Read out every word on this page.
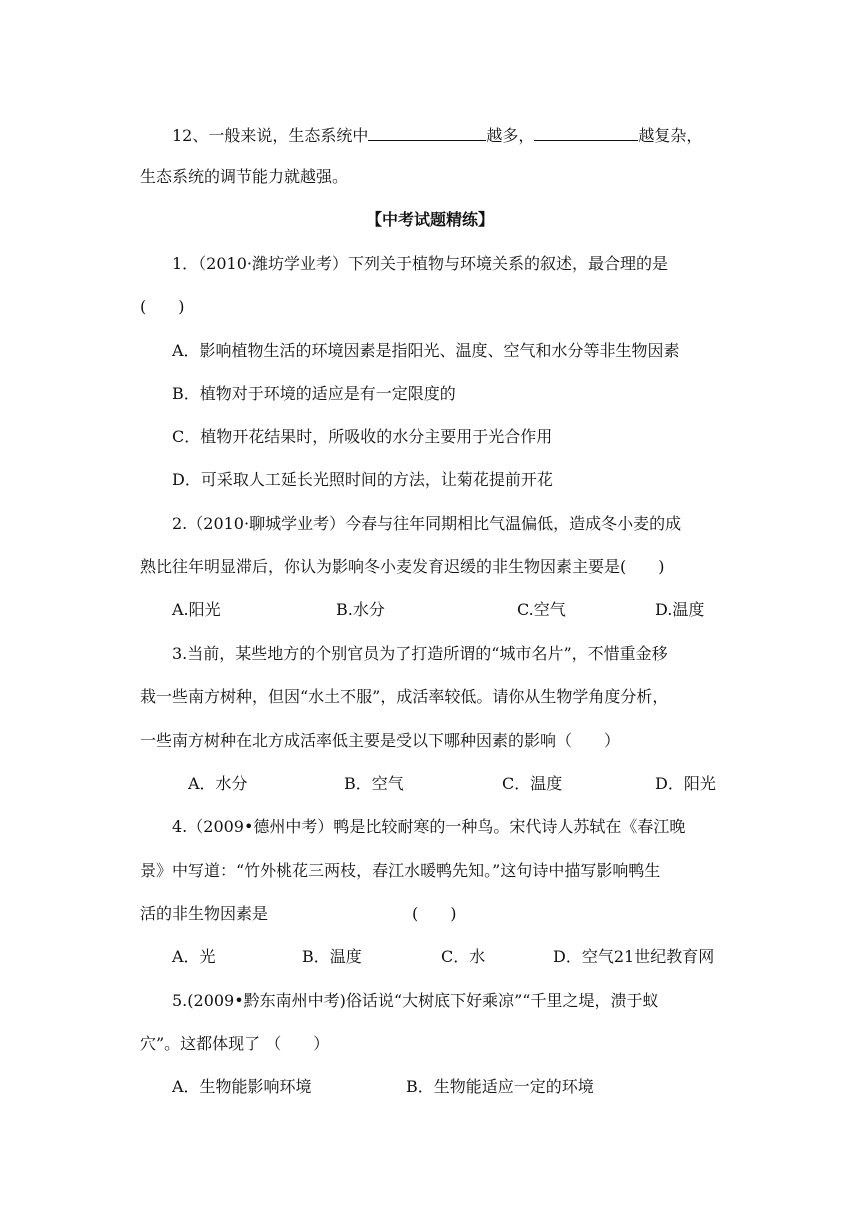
12、一般来说，生态系统中	越多，	越复杂，
生态系统的调节能力就越强。
【中考试题精练】
1．（2010·潍坊学业考）下列关于植物与环境关系的叙述，最合理的是
(　　)
A．影响植物生活的环境因素是指阳光、温度、空气和水分等非生物因素
B．植物对于环境的适应是有一定限度的
C．植物开花结果时，所吸收的水分主要用于光合作用
D．可采取人工延长光照时间的方法，让菊花提前开花
2.（2010·聊城学业考）今春与往年同期相比气温偏低，造成冬小麦的成
熟比往年明显滞后，你认为影响冬小麦发育迟缓的非生物因素主要是(　　)
A.阳光	B.水分	C.空气	D.温度
3.当前，某些地方的个别官员为了打造所谓的“城市名片”，不惜重金移
栽一些南方树种，但因“水土不服”，成活率较低。请你从生物学角度分析，
一些南方树种在北方成活率低主要是受以下哪种因素的影响（　　）
A．水分	B．空气	C．温度	D．阳光
4.（2009•德州中考）鸭是比较耐寒的一种鸟。宋代诗人苏轼在《春江晚
景》中写道：“竹外桃花三两枝，春江水暖鸭先知。”这句诗中描写影响鸭生
活的非生物因素是	(　　)
A．光	B．温度	C．水	D．空气21世纪教育网
5.(2009•黔东南州中考)俗话说“大树底下好乘凉”“千里之堤，溃于蚁
穴”。这都体现了 （　　）
A．生物能影响环境	B．生物能适应一定的环境
